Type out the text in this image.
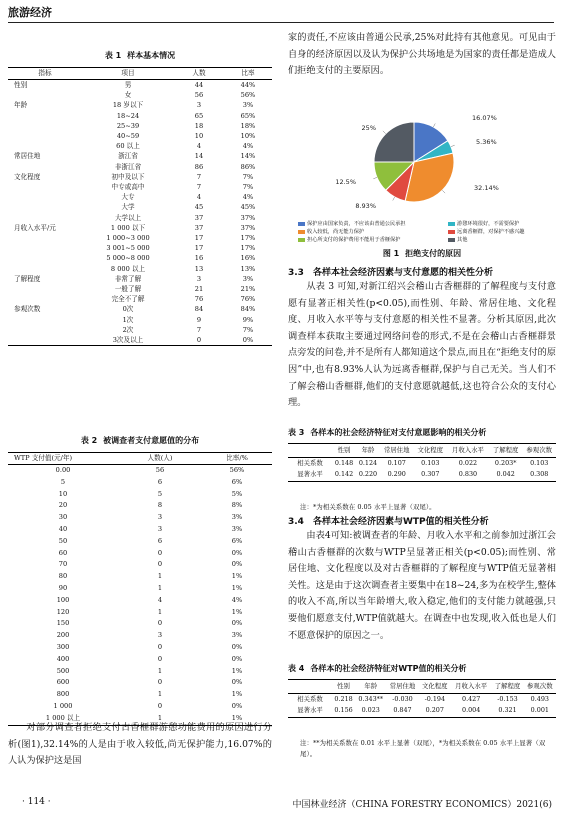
旅游经济
表 1 样本基本情况
指标	项目	人数	比率
性别	男	44	44%
	女	56	56%
年龄	18 岁以下	3	3%
	18~24	65	65%
	25~39	18	18%
	40~59	10	10%
	60 以上	4	4%
常居住地	浙江省	14	14%
	非浙江省	86	86%
文化程度	初中及以下	7	7%
	中专或高中	7	7%
	大专	4	4%
	大学	45	45%
	大学以上	37	37%
月收入水平/元	1 000 以下	37	37%
	1 000~3 000	17	17%
	3 001~5 000	17	17%
	5 000~8 000	16	16%
	8 000 以上	13	13%
了解程度	非常了解	3	3%
	一般了解	21	21%
	完全不了解	76	76%
参观次数	0次	84	84%
	1次	9	9%
	2次	7	7%
	3次及以上	0	0%
表 2 被调查者支付意愿值的分布
WTP 支付值(元/年)	人数(人)	比率/%
0.00	56	56%
5	6	6%
10	5	5%
20	8	8%
30	3	3%
40	3	3%
50	6	6%
60	0	0%
70	0	0%
80	1	1%
90	1	1%
100	4	4%
120	1	1%
150	0	0%
200	3	3%
300	0	0%
400	0	0%
500	1	1%
600	0	0%
800	1	1%
1 000	0	0%
1 000 以上	1	1%
对部分调查者拒绝支付古香榧群游憩功能费用的原因进行分析(图1),32.14%的人是由于收入较低,尚无保护能力,16.07%的人认为保护这是国
家的责任,不应该由普通公民承,25%对此持有其他意见。可见由于自身的经济原因以及认为保护公共场地是为国家的责任都是造成人们拒绝支付的主要原因。
16.07%
5.36%
32.14%
8.93%
12.5%
25%
保护应由国家负责，不应该由普通公民承担	游憩环境很好，不需要保护收入较低，尚无能力保护	远离香榧群，对保护不感兴趣担心所支付的保护费用不能用于香榧保护	其他
图 1 拒绝支付的原因
3.3　各样本社会经济因素与支付意愿的相关性分析
从表 3 可知,对新江绍兴会稽山古香榧群的了解程度与支付意愿有显著正相关性(p<0.05),而性别、年龄、常居住地、文化程度、月收入水平等与支付意愿的相关性不显著。分析其原因,此次调查样本获取主要通过网络问卷的形式,不是在会稽山古香榧群景点旁发的问卷,并不是所有人都知道这个景点,而且在“拒绝支付的原因”中,也有8.93%人认为远离香榧群,保护与自己无关。当人们不了解会稽山香榧群,他们的支付意愿就越低,这也符合公众的支付心理。
表 3 各样本的社会经济特征对支付意愿影响的相关分析
	性别	年龄	常居住地	文化程度	月收入水平	了解程度	参观次数
相关系数	0.148	0.124	0.107	0.103	0.022	0.203*	0.103
显著水平	0.142	0.220	0.290	0.307	0.830	0.042	0.308
注：*为相关系数在 0.05 水平上显著（双尾）。
3.4　各样本社会经济因素与WTP值的相关性分析
由表4可知:被调查者的年龄、月收入水平和之前参加过浙江会稽山古香榧群的次数与WTP呈显著正相关(p<0.05);而性别、常居住地、文化程度以及对古香榧群的了解程度与WTP值无显著相关性。这是由于这次调查者主要集中在18~24,多为在校学生,整体的收入不高,所以当年龄增大,收入稳定,他们的支付能力就越强,只要他们愿意支付,WTP值就越大。在调查中也发现,收入低也是人们不愿意保护的原因之一。
表 4 各样本的社会经济特征对WTP值的相关分析
	性别	年龄	常居住地	文化程度	月收入水平	了解程度	参观次数
相关系数	0.218	0.343**	-0.030	-0.194	0.427	-0.153	0.493
显著水平	0.156	0.023	0.847	0.207	0.004	0.321	0.001
注：**为相关系数在 0.01 水平上显著（双尾），*为相关系数在 0.05 水平上显著（双尾）。
· 114 ·	中国林业经济（CHINA FORESTRY ECONOMICS）2021(6)
